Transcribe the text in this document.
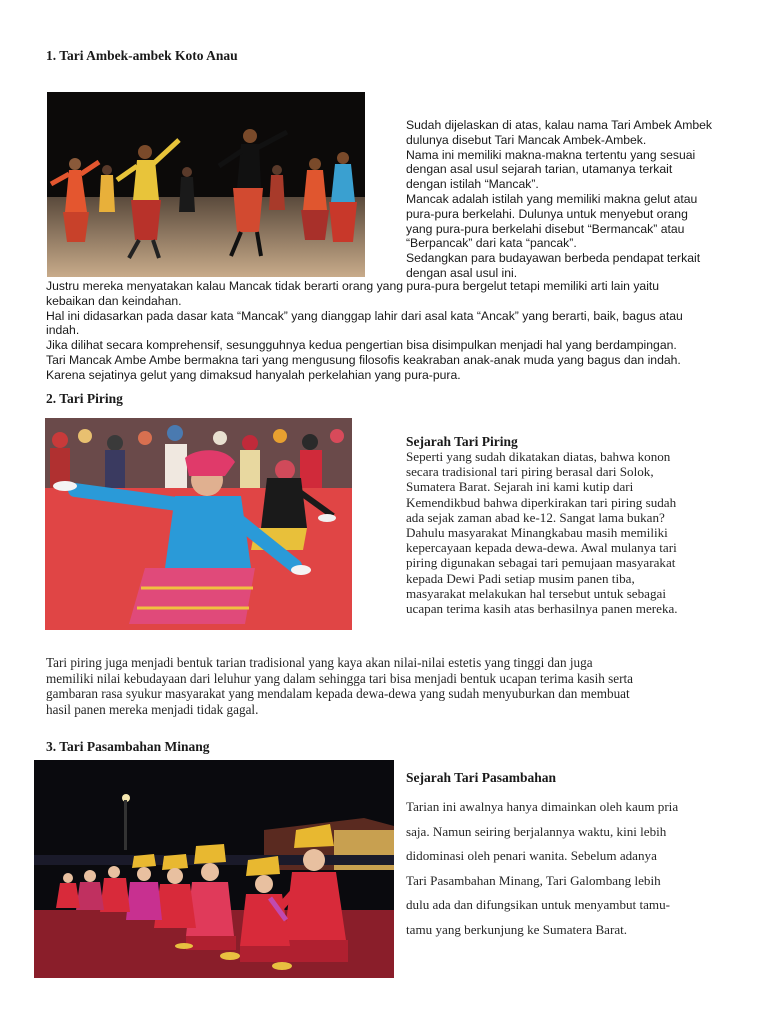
1. Tari Ambek-ambek Koto Anau
Sudah dijelaskan di atas, kalau nama Tari Ambek Ambek
dulunya disebut Tari Mancak Ambek-Ambek.
Nama ini memiliki makna-makna tertentu yang sesuai
dengan asal usul sejarah tarian, utamanya terkait
dengan istilah “Mancak”.
Mancak adalah istilah yang memiliki makna gelut atau
pura-pura berkelahi. Dulunya untuk menyebut orang
yang pura-pura berkelahi disebut “Bermancak” atau
“Berpancak” dari kata “pancak”.
Sedangkan para budayawan berbeda pendapat terkait
dengan asal usul ini.
Justru mereka menyatakan kalau Mancak tidak berarti orang yang pura-pura bergelut tetapi memiliki arti lain yaitu
kebaikan dan keindahan.
Hal ini didasarkan pada dasar kata “Mancak” yang dianggap lahir dari asal kata “Ancak” yang berarti, baik, bagus atau
indah.
Jika dilihat secara komprehensif, sesungguhnya kedua pengertian bisa disimpulkan menjadi hal yang berdampingan.
Tari Mancak Ambe Ambe bermakna tari yang mengusung filosofis keakraban anak-anak muda yang bagus dan indah.
Karena sejatinya gelut yang dimaksud hanyalah perkelahian yang pura-pura.
2. Tari Piring
Sejarah Tari Piring
Seperti yang sudah dikatakan diatas, bahwa konon
secara tradisional tari piring berasal dari Solok,
Sumatera Barat. Sejarah ini kami kutip dari
Kemendikbud bahwa diperkirakan tari piring sudah
ada sejak zaman abad ke-12. Sangat lama bukan?
Dahulu masyarakat Minangkabau masih memiliki
kepercayaan kepada dewa-dewa. Awal mulanya tari
piring digunakan sebagai tari pemujaan masyarakat
kepada Dewi Padi setiap musim panen tiba,
masyarakat melakukan hal tersebut untuk sebagai
ucapan terima kasih atas berhasilnya panen mereka.
Tari piring juga menjadi bentuk tarian tradisional yang kaya akan nilai-nilai estetis yang tinggi dan juga
memiliki nilai kebudayaan dari leluhur yang dalam sehingga tari bisa menjadi bentuk ucapan terima kasih serta
gambaran rasa syukur masyarakat yang mendalam kepada dewa-dewa yang sudah menyuburkan dan membuat
hasil panen mereka menjadi tidak gagal.
3. Tari Pasambahan Minang
Sejarah Tari Pasambahan
Tarian ini awalnya hanya dimainkan oleh kaum pria
saja. Namun seiring berjalannya waktu, kini lebih
didominasi oleh penari wanita. Sebelum adanya
Tari Pasambahan Minang, Tari Galombang lebih
dulu ada dan difungsikan untuk menyambut tamu-
tamu yang berkunjung ke Sumatera Barat.
